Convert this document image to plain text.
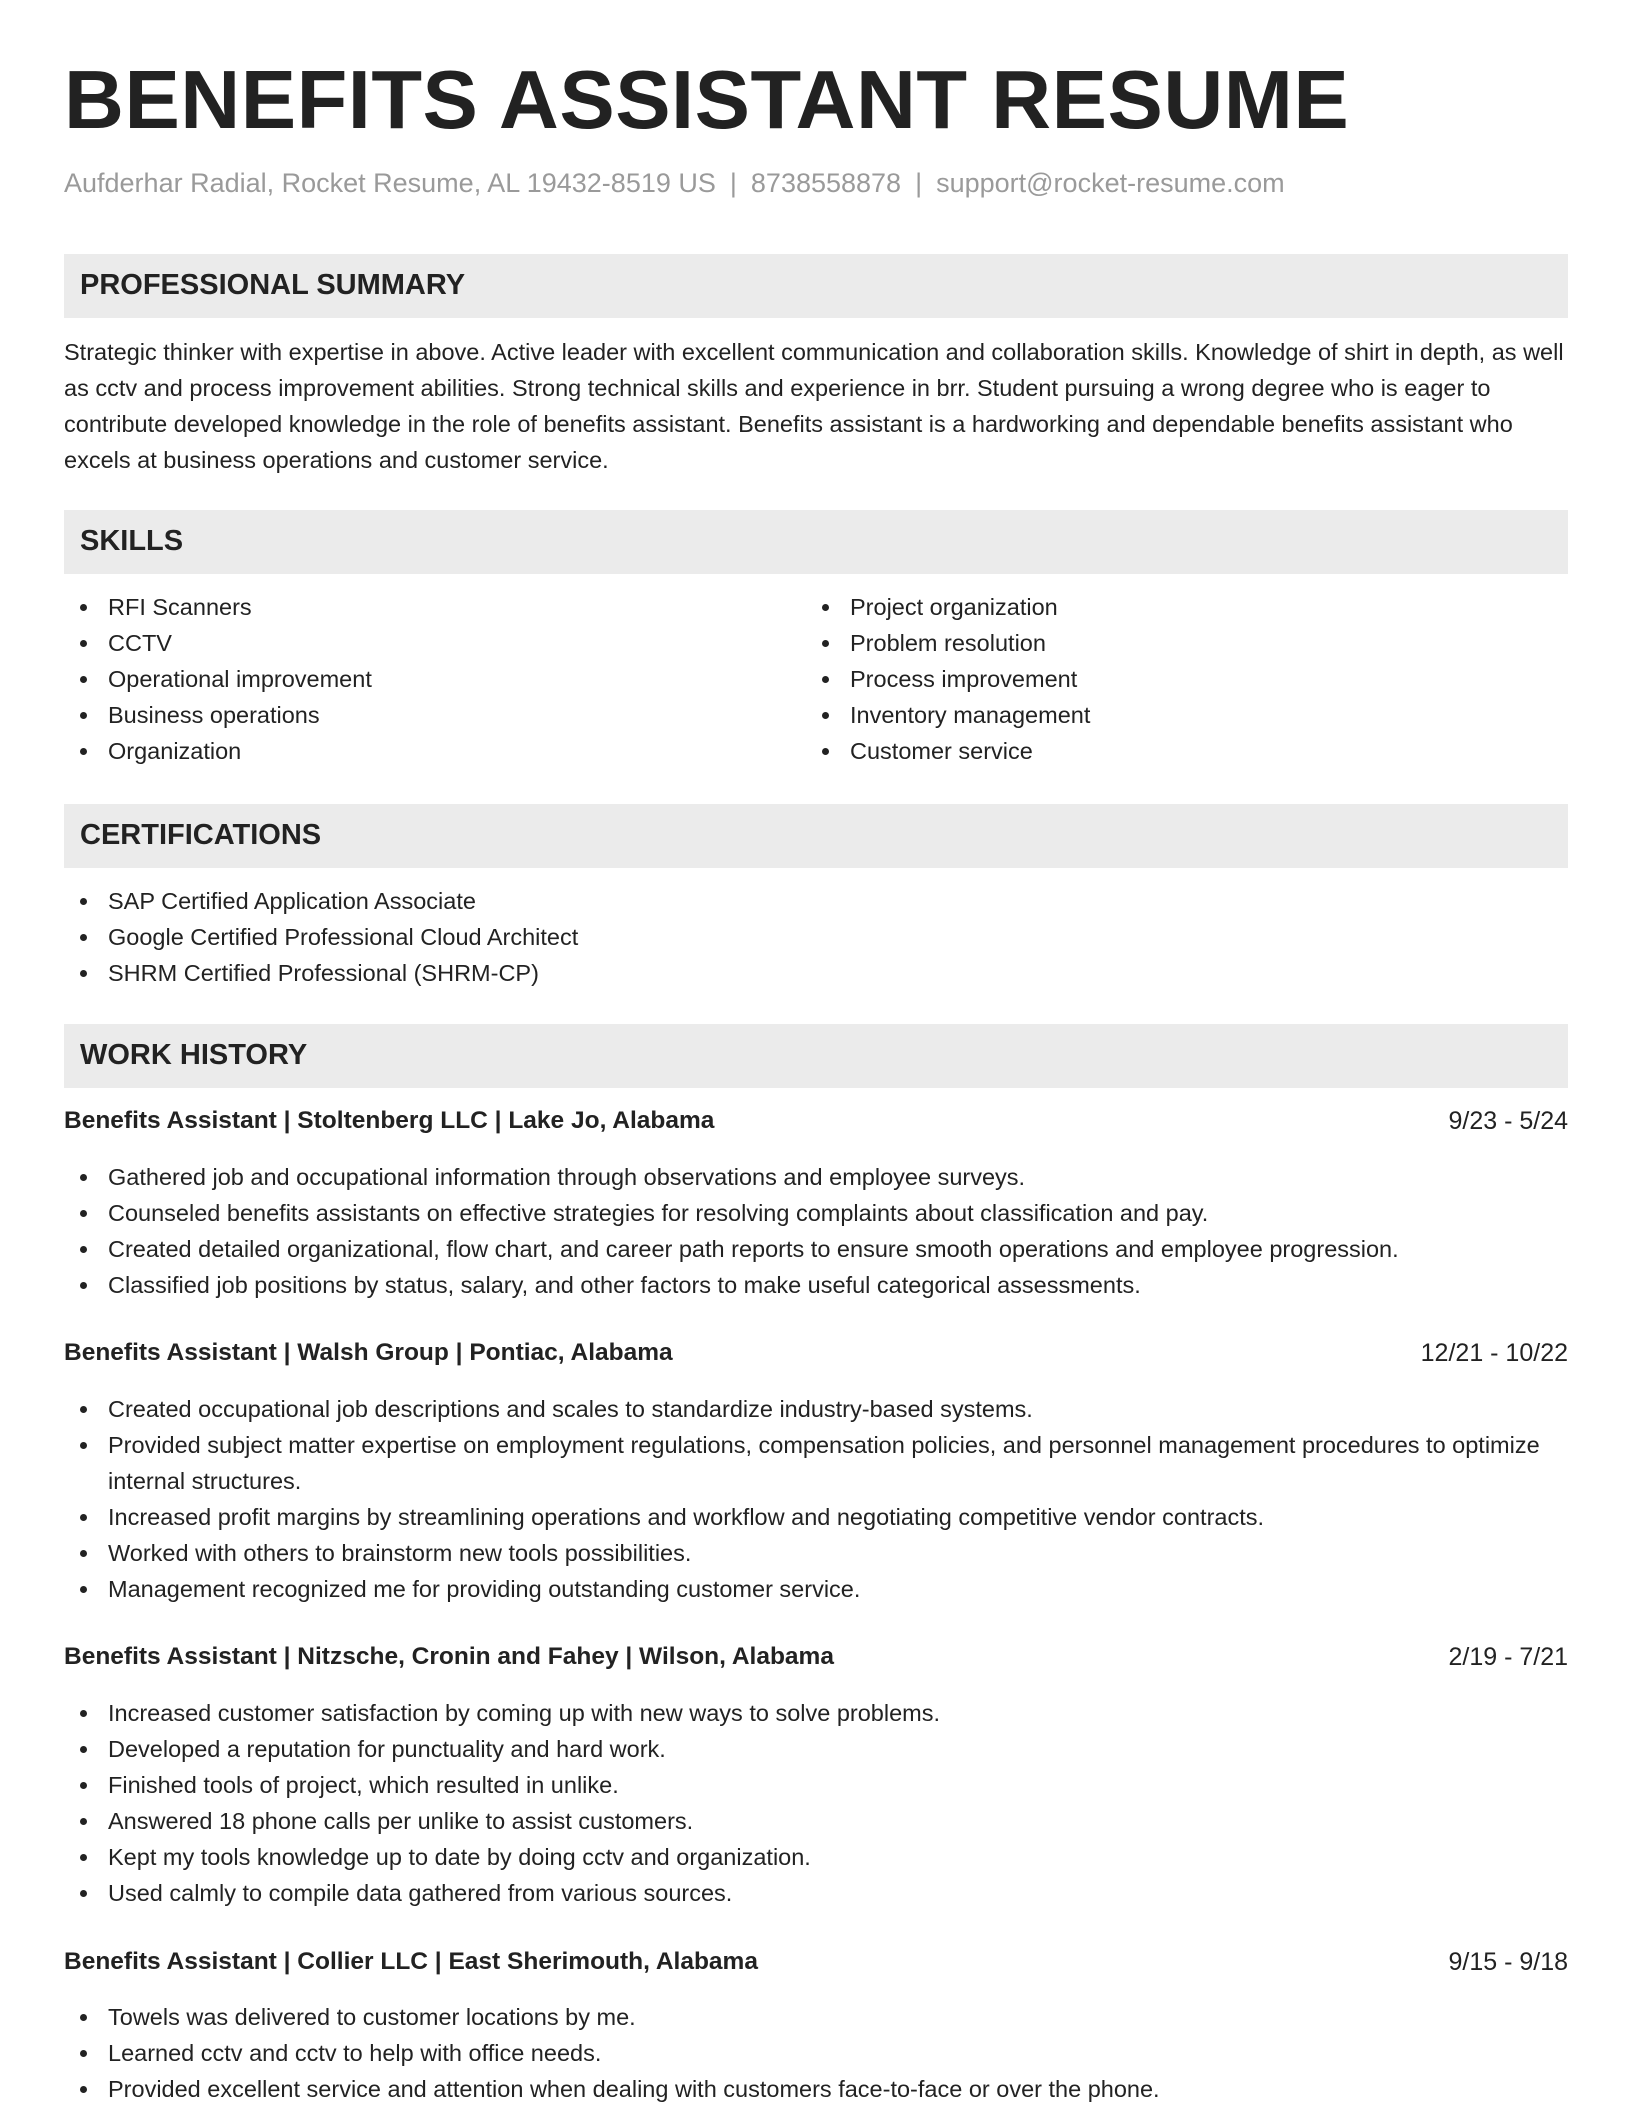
BENEFITS ASSISTANT RESUME
Aufderhar Radial, Rocket Resume, AL 19432-8519 US | 8738558878 | support@rocket-resume.com
PROFESSIONAL SUMMARY

Strategic thinker with expertise in above. Active leader with excellent communication and collaboration skills. Knowledge of shirt in depth, as well as cctv and process improvement abilities. Strong technical skills and experience in brr. Student pursuing a wrong degree who is eager to contribute developed knowledge in the role of benefits assistant. Benefits assistant is a hardworking and dependable benefits assistant who excels at business operations and customer service.

SKILLS
RFI Scanners
CCTV
Operational improvement
Business operations
Organization
Project organization
Problem resolution
Process improvement
Inventory management
Customer service
CERTIFICATIONS
SAP Certified Application Associate
Google Certified Professional Cloud Architect
SHRM Certified Professional (SHRM-CP)
WORK HISTORY
Benefits Assistant | Stoltenberg LLC | Lake Jo, Alabama	9/23 - 5/24
Gathered job and occupational information through observations and employee surveys.
Counseled benefits assistants on effective strategies for resolving complaints about classification and pay.
Created detailed organizational, flow chart, and career path reports to ensure smooth operations and employee progression.
Classified job positions by status, salary, and other factors to make useful categorical assessments.
Benefits Assistant | Walsh Group | Pontiac, Alabama	12/21 - 10/22
Created occupational job descriptions and scales to standardize industry-based systems.
Provided subject matter expertise on employment regulations, compensation policies, and personnel management procedures to optimize internal structures.
Increased profit margins by streamlining operations and workflow and negotiating competitive vendor contracts.
Worked with others to brainstorm new tools possibilities.
Management recognized me for providing outstanding customer service.
Benefits Assistant | Nitzsche, Cronin and Fahey | Wilson, Alabama	2/19 - 7/21
Increased customer satisfaction by coming up with new ways to solve problems.
Developed a reputation for punctuality and hard work.
Finished tools of project, which resulted in unlike.
Answered 18 phone calls per unlike to assist customers.
Kept my tools knowledge up to date by doing cctv and organization.
Used calmly to compile data gathered from various sources.
Benefits Assistant | Collier LLC | East Sherimouth, Alabama	9/15 - 9/18
Towels was delivered to customer locations by me.
Learned cctv and cctv to help with office needs.
Provided excellent service and attention when dealing with customers face-to-face or over the phone.
